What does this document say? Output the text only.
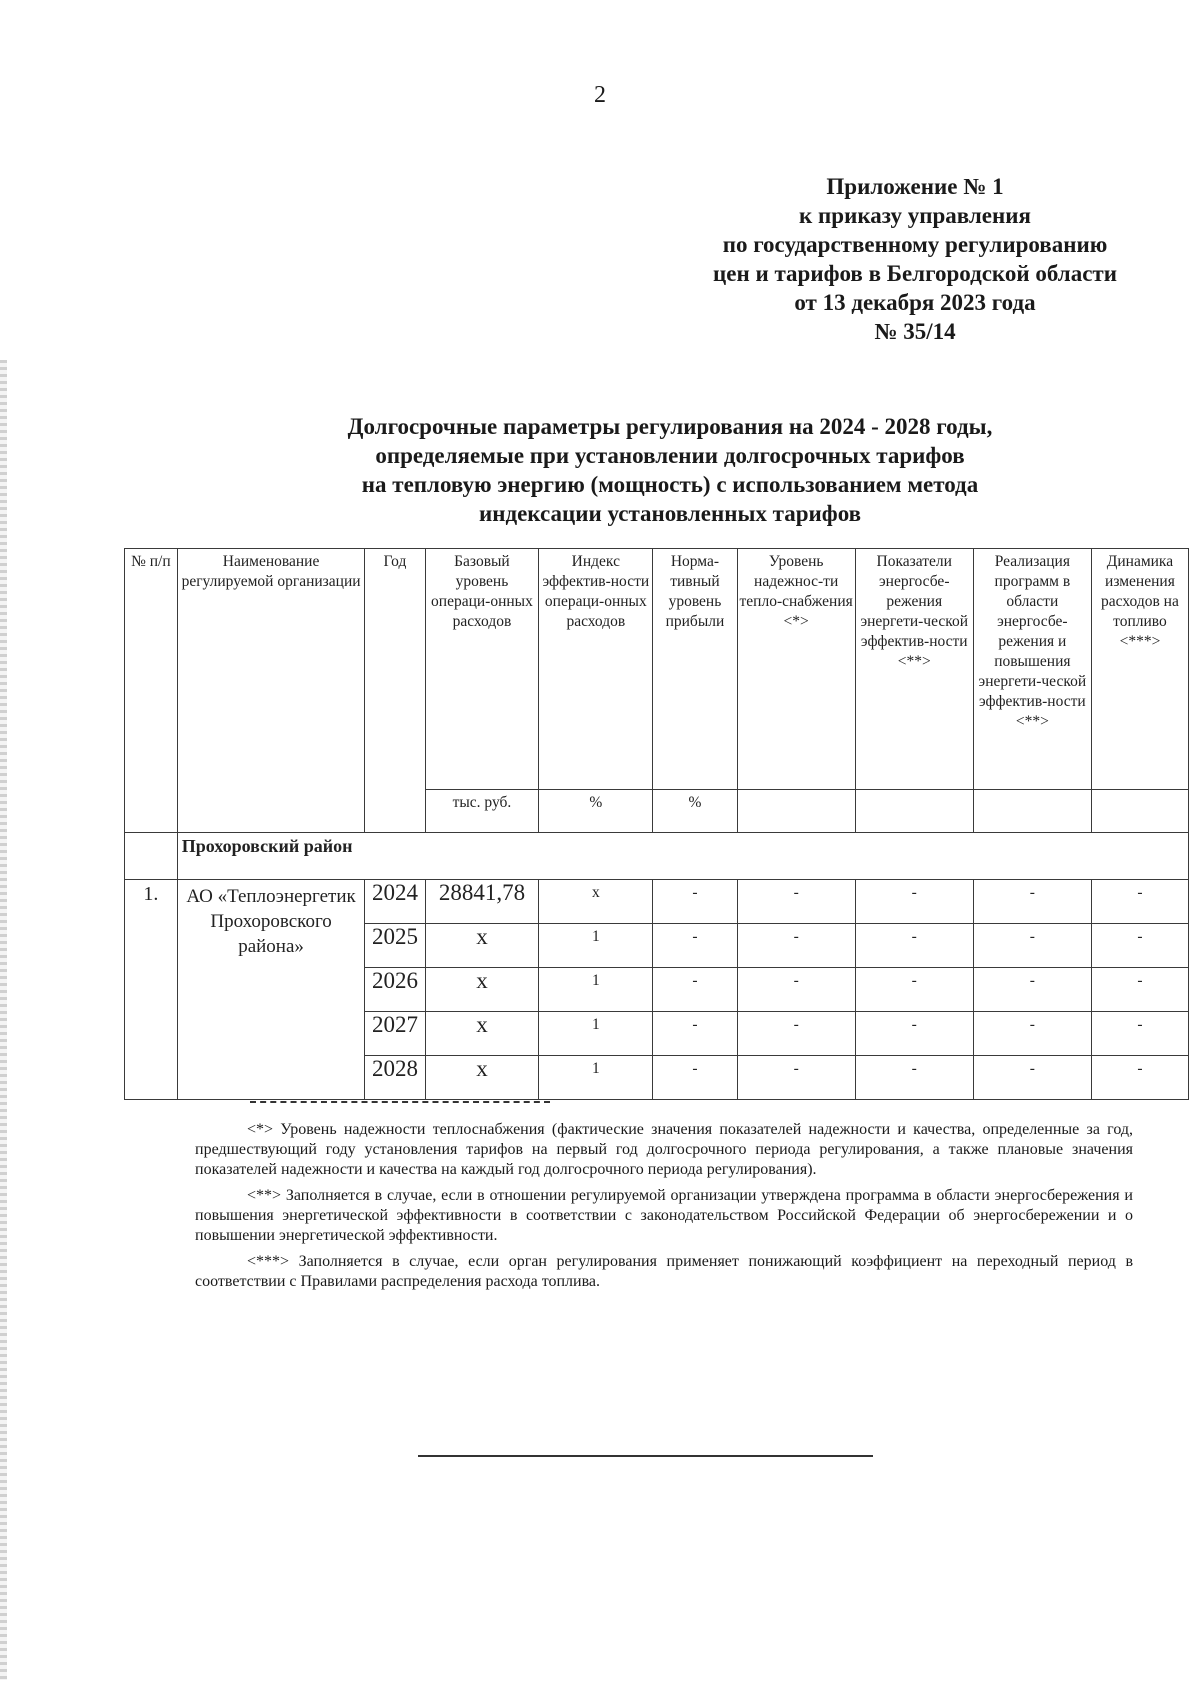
2
Приложение № 1
к приказу управления
по государственному регулированию
цен и тарифов в Белгородской области
от 13 декабря 2023 года
№ 35/14
Долгосрочные параметры регулирования на 2024 - 2028 годы,
определяемые при установлении долгосрочных тарифов
на тепловую энергию (мощность) с использованием метода
индексации установленных тарифов
№ п/п	Наименование регулируемой организации	Год	Базовый уровень операци-онных расходов	Индекс эффектив-ности операци-онных расходов	Норма-тивный уровень прибыли	Уровень надежнос-ти тепло-снабжения <*>	Показатели энергосбе-режения энергети-ческой эффектив-ности <**>	Реализация программ в области энергосбе-режения и повышения энергети-ческой эффектив-ности <**>	Динамика изменения расходов на топливо <***>
			тыс. руб.	%	%				
	Прохоровский район								
1.	АО «Теплоэнергетик Прохоровского района»	2024	28841,78	х	-	-	-	-	-
		2025	х	1	-	-	-	-	-
		2026	х	1	-	-	-	-	-
		2027	х	1	-	-	-	-	-
		2028	х	1	-	-	-	-	-

<*> Уровень надежности теплоснабжения (фактические значения показателей надежности и качества, определенные за год, предшествующий году установления тарифов на первый год долгосрочного периода регулирования, а также плановые значения показателей надежности и качества на каждый год долгосрочного периода регулирования).

<**> Заполняется в случае, если в отношении регулируемой организации утверждена программа в области энергосбережения и повышения энергетической эффективности в соответствии с законодательством Российской Федерации об энергосбережении и о повышении энергетической эффективности.

<***> Заполняется в случае, если орган регулирования применяет понижающий коэффициент на переходный период в соответствии с Правилами распределения расхода топлива.
